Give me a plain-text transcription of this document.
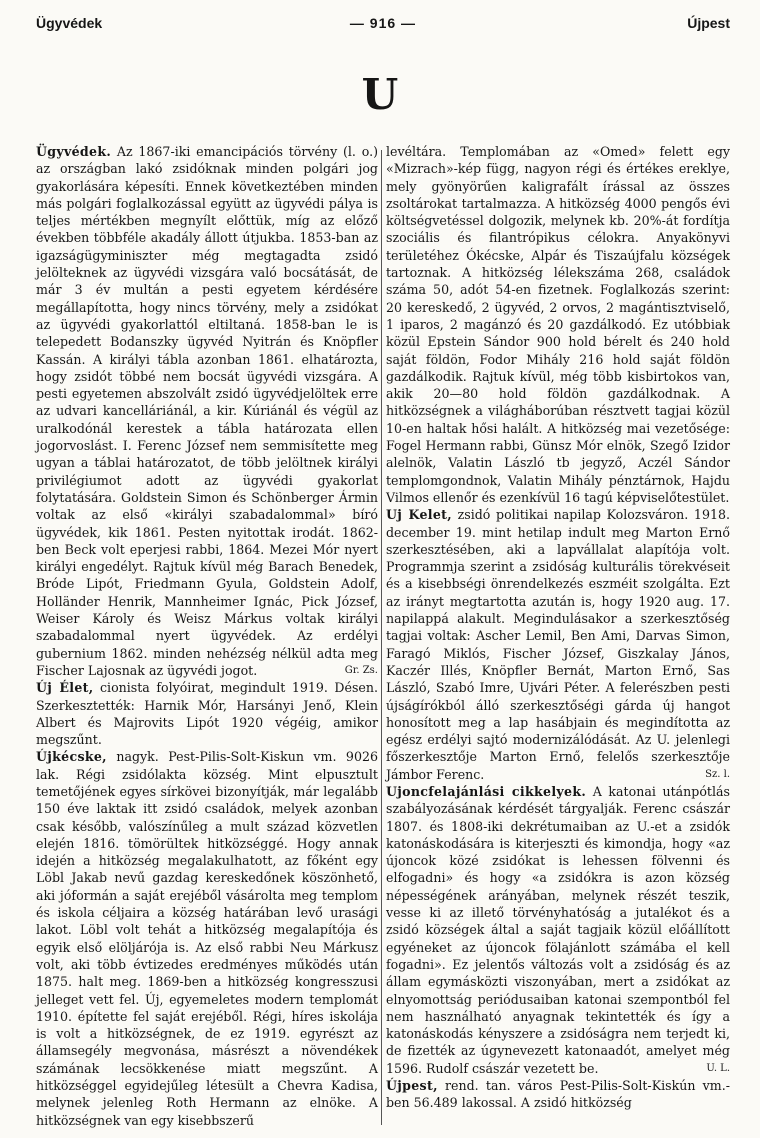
Ügyvédek	— 916 —	Újpest
U

Ügyvédek. Az 1867-iki emancipációs törvény (l. o.) az országban lakó zsidóknak minden polgári jog gyakorlására képesíti. Ennek következtében minden más polgári foglalkozással együtt az ügyvédi pálya is teljes mértékben megnyílt előttük, míg az előző években többféle akadály állott útjukba. 1853-ban az igazságügyminiszter még megtagadta zsidó jelölteknek az ügyvédi vizsgára való bocsátását, de már 3 év multán a pesti egyetem kérdésére megállapította, hogy nincs törvény, mely a zsidókat az ügyvédi gyakorlattól eltiltaná. 1858-ban le is telepedett Bodanszky ügyvéd Nyitrán és Knöpfler Kassán. A királyi tábla azonban 1861. elhatározta, hogy zsidót többé nem bocsát ügyvédi vizsgára. A pesti egyetemen abszolvált zsidó ügyvédjelöltek erre az udvari kancelláriánál, a kir. Kúriánál és végül az uralkodónál kerestek a tábla határozata ellen jogorvoslást. I. Ferenc József nem semmisítette meg ugyan a táblai határozatot, de több jelöltnek királyi privilégiumot adott az ügyvédi gyakorlat folytatására. Goldstein Simon és Schönberger Ármin voltak az első «királyi szabadalommal» bíró ügyvédek, kik 1861. Pesten nyitottak irodát. 1862-ben Beck volt eperjesi rabbi, 1864. Mezei Mór nyert királyi engedélyt. Rajtuk kívül még Barach Benedek, Bródе Lipót, Friedmann Gyula, Goldstein Adolf, Holländer Henrik, Mannheimer Ignác, Pick József, Weiser Károly és Weisz Márkus voltak királyi szabadalommal nyert ügyvédek. Az erdélyi gubernium 1862. minden nehézség nélkül adta meg Fischer Lajosnak az ügyvédi jogot.	Gr. Zs.

Új Élet, cionista folyóirat, megindult 1919. Désen. Szerkesztették: Harnik Mór, Harsányi Jenő, Klein Albert és Majrovits Lipót 1920 végéig, amikor megszűnt.

Újkécske, nagyk. Pest-Pilis-Solt-Kiskun vm. 9026 lak. Régi zsidólakta község. Mint elpusztult temetőjének egyes sírkövei bizonyítják, már legalább 150 éve laktak itt zsidó családok, melyek azonban csak később, valószínűleg a mult század közvetlen elején 1816. tömörültek hitközséggé. Hogy annak idején a hitközség megalakulhatott, az főként egy Löbl Jakab nevű gazdag kereskedőnek köszönhető, aki jóformán a saját erejéből vásárolta meg templom és iskola céljaira a község határában levő urasági lakot. Löbl volt tehát a hitközség megalapítója és egyik első elöljárója is. Az első rabbi Neu Márkusz volt, aki több évtizedes eredményes működés után 1875. halt meg. 1869-ben a hitközség kongresszusi jelleget vett fel. Új, egyemeletes modern templomát 1910. építette fel saját erejéből. Régi, híres iskolája is volt a hitközségnek, de ez 1919. egyrészt az államsegély megvonása, másrészt a növendékek számának lecsökkenése miatt megszűnt. A hitközséggel egyidejűleg létesült a Chevra Kadisa, melynek jelenleg Roth Hermann az elnöke. A hitközségnek van egy kisebbszerű

levéltára. Templomában az «Omed» felett egy «Mizrach»-kép függ, nagyon régi és értékes ereklye, mely gyönyörűen kaligrafált írással az összes zsoltárokat tartalmazza. A hitközség 4000 pengős évi költségvetéssel dolgozik, melynek kb. 20%-át fordítja szociális és filantrópikus célokra. Anyakönyvi területéhez Ókécske, Alpár és Tiszaújfalu községek tartoznak. A hitközség lélekszáma 268, családok száma 50, adót 54-en fizetnek. Foglalkozás szerint: 20 kereskedő, 2 ügyvéd, 2 orvos, 2 magántisztviselő, 1 iparos, 2 magánzó és 20 gazdálkodó. Ez utóbbiak közül Epstein Sándor 900 hold bérelt és 240 hold saját földön, Fodor Mihály 216 hold saját földön gazdálkodik. Rajtuk kívül, még több kisbirtokos van, akik 20—80 hold földön gazdálkodnak. A hitközségnek a világháborúban résztvett tagjai közül 10-en haltak hősi halált. A hitközség mai vezetősége: Fogel Hermann rabbi, Günsz Mór elnök, Szegő Izidor alelnök, Valatin László tb jegyző, Aczél Sándor templomgondnok, Valatin Mihály pénztárnok, Hajdu Vilmos ellenőr és ezenkívül 16 tagú képviselőtestület.

Uj Kelet, zsidó politikai napilap Kolozsváron. 1918. december 19. mint hetilap indult meg Marton Ernő szerkesztésében, aki a lapvállalat alapítója volt. Programmja szerint a zsidóság kulturális törekvéseit és a kisebbségi önrendelkezés eszméit szolgálta. Ezt az irányt megtartotta azután is, hogy 1920 aug. 17. napilappá alakult. Megindulásakor a szerkesztőség tagjai voltak: Ascher Lemil, Ben Ami, Darvas Simon, Faragó Miklós, Fischer József, Giszkalay János, Kaczér Illés, Knöpfler Bernát, Marton Ernő, Sas László, Szabó Imre, Ujvári Péter. A felerészben pesti újságírókból álló szerkesztőségi gárda új hangot honosított meg a lap hasábjain és megindította az egész erdélyi sajtó modernizálódását. Az U. jelenlegi főszerkesztője Marton Ernő, felelős szerkesztője Jámbor Ferenc.	Sz. l.

Ujoncfelajánlási cikkelyek. A katonai utánpótlás szabályozásának kérdését tárgyalják. Ferenc császár 1807. és 1808-iki dekrétumaiban az U.-et a zsidók katonáskodására is kiterjeszti és kimondja, hogy «az újoncok közé zsidókat is lehessen fölvenni és elfogadni» és hogy «a zsidókra is azon község népességének arányában, melynek részét teszik, vesse ki az illető törvényhatóság a jutalékot és a zsidó községek által a saját tagjaik közül előállított egyéneket az újoncok fölajánlott számába el kell fogadni». Ez jelentős változás volt a zsidóság és az állam egymásközti viszonyában, mert a zsidókat az elnyomottság periódusaiban katonai szempontból fel nem használható anyagnak tekintették és így a katonáskodás kényszere a zsidóságra nem terjedt ki, de fizették az úgynevezett katonaadót, amelyet még 1596. Rudolf császár vezetett be.	U. L.

Újpest, rend. tan. város Pest-Pilis-Solt-Kiskún vm.-ben 56.489 lakossal. A zsidó hitközség
